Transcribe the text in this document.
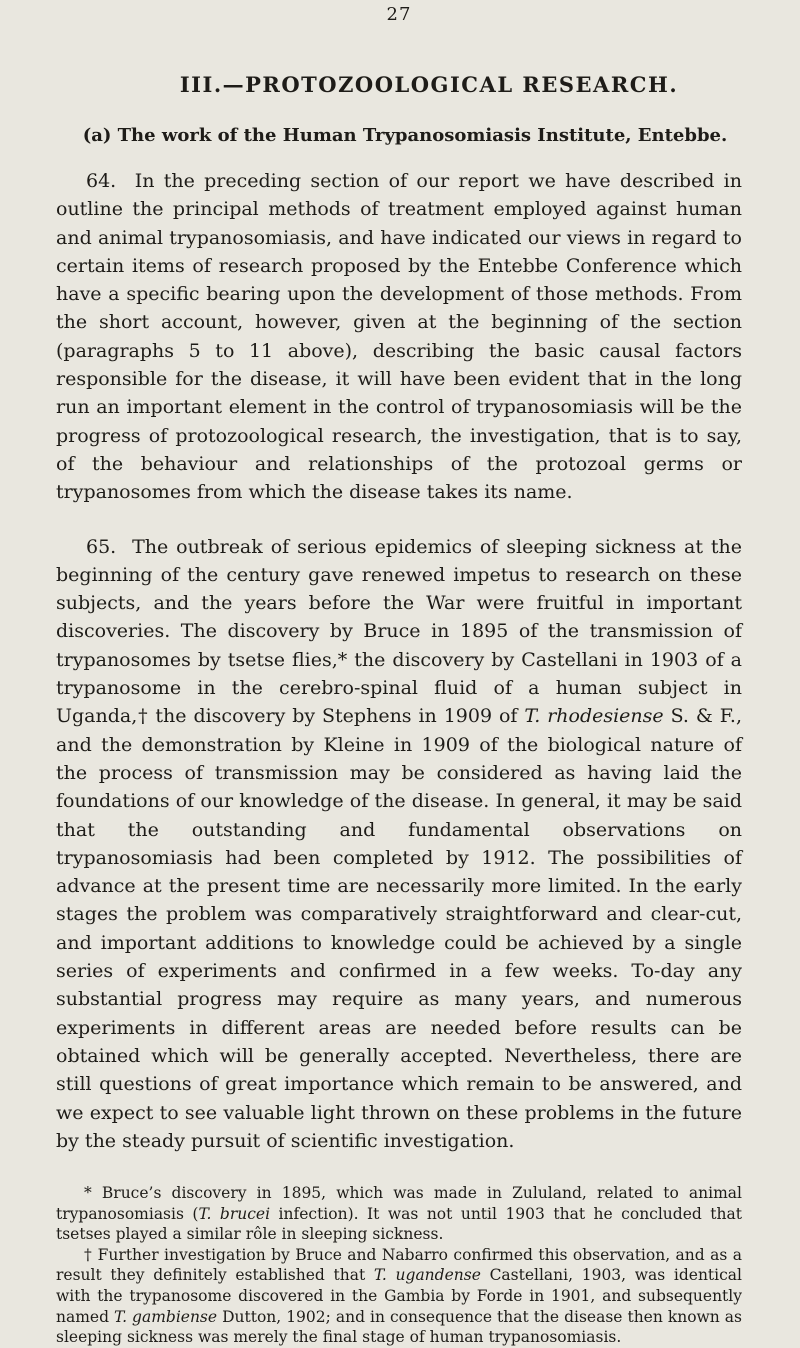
27
III.—PROTOZOOLOGICAL RESEARCH.
(a) The work of the Human Trypanosomiasis Institute, Entebbe.

64. In the preceding section of our report we have described in outline the principal methods of treatment employed against human and animal trypanosomiasis, and have indicated our views in regard to certain items of research proposed by the Entebbe Conference which have a specific bearing upon the development of those methods. From the short account, however, given at the beginning of the section (paragraphs 5 to 11 above), describing the basic causal factors responsible for the disease, it will have been evident that in the long run an important element in the control of trypanosomiasis will be the progress of protozoological research, the investigation, that is to say, of the behaviour and relationships of the protozoal germs or trypanosomes from which the disease takes its name.

65. The outbreak of serious epidemics of sleeping sickness at the beginning of the century gave renewed impetus to research on these subjects, and the years before the War were fruitful in important discoveries. The discovery by Bruce in 1895 of the transmission of trypanosomes by tsetse flies,* the discovery by Castellani in 1903 of a trypanosome in the cerebro-spinal fluid of a human subject in Uganda,† the discovery by Stephens in 1909 of T. rhodesiense S. & F., and the demonstration by Kleine in 1909 of the biological nature of the process of transmission may be considered as having laid the foundations of our knowledge of the disease. In general, it may be said that the outstanding and fundamental observations on trypanosomiasis had been completed by 1912. The possibilities of advance at the present time are necessarily more limited. In the early stages the problem was comparatively straightforward and clear-cut, and important additions to knowledge could be achieved by a single series of experiments and confirmed in a few weeks. To-day any substantial progress may require as many years, and numerous experiments in different areas are needed before results can be obtained which will be generally accepted. Nevertheless, there are still questions of great importance which remain to be answered, and we expect to see valuable light thrown on these problems in the future by the steady pursuit of scientific investigation.

* Bruce’s discovery in 1895, which was made in Zululand, related to animal trypanosomiasis (T. brucei infection). It was not until 1903 that he concluded that tsetses played a similar rôle in sleeping sickness.

† Further investigation by Bruce and Nabarro confirmed this observation, and as a result they definitely established that T. ugandense Castellani, 1903, was identical with the trypanosome discovered in the Gambia by Forde in 1901, and subsequently named T. gambiense Dutton, 1902; and in consequence that the disease then known as sleeping sickness was merely the final stage of human trypanosomiasis.
